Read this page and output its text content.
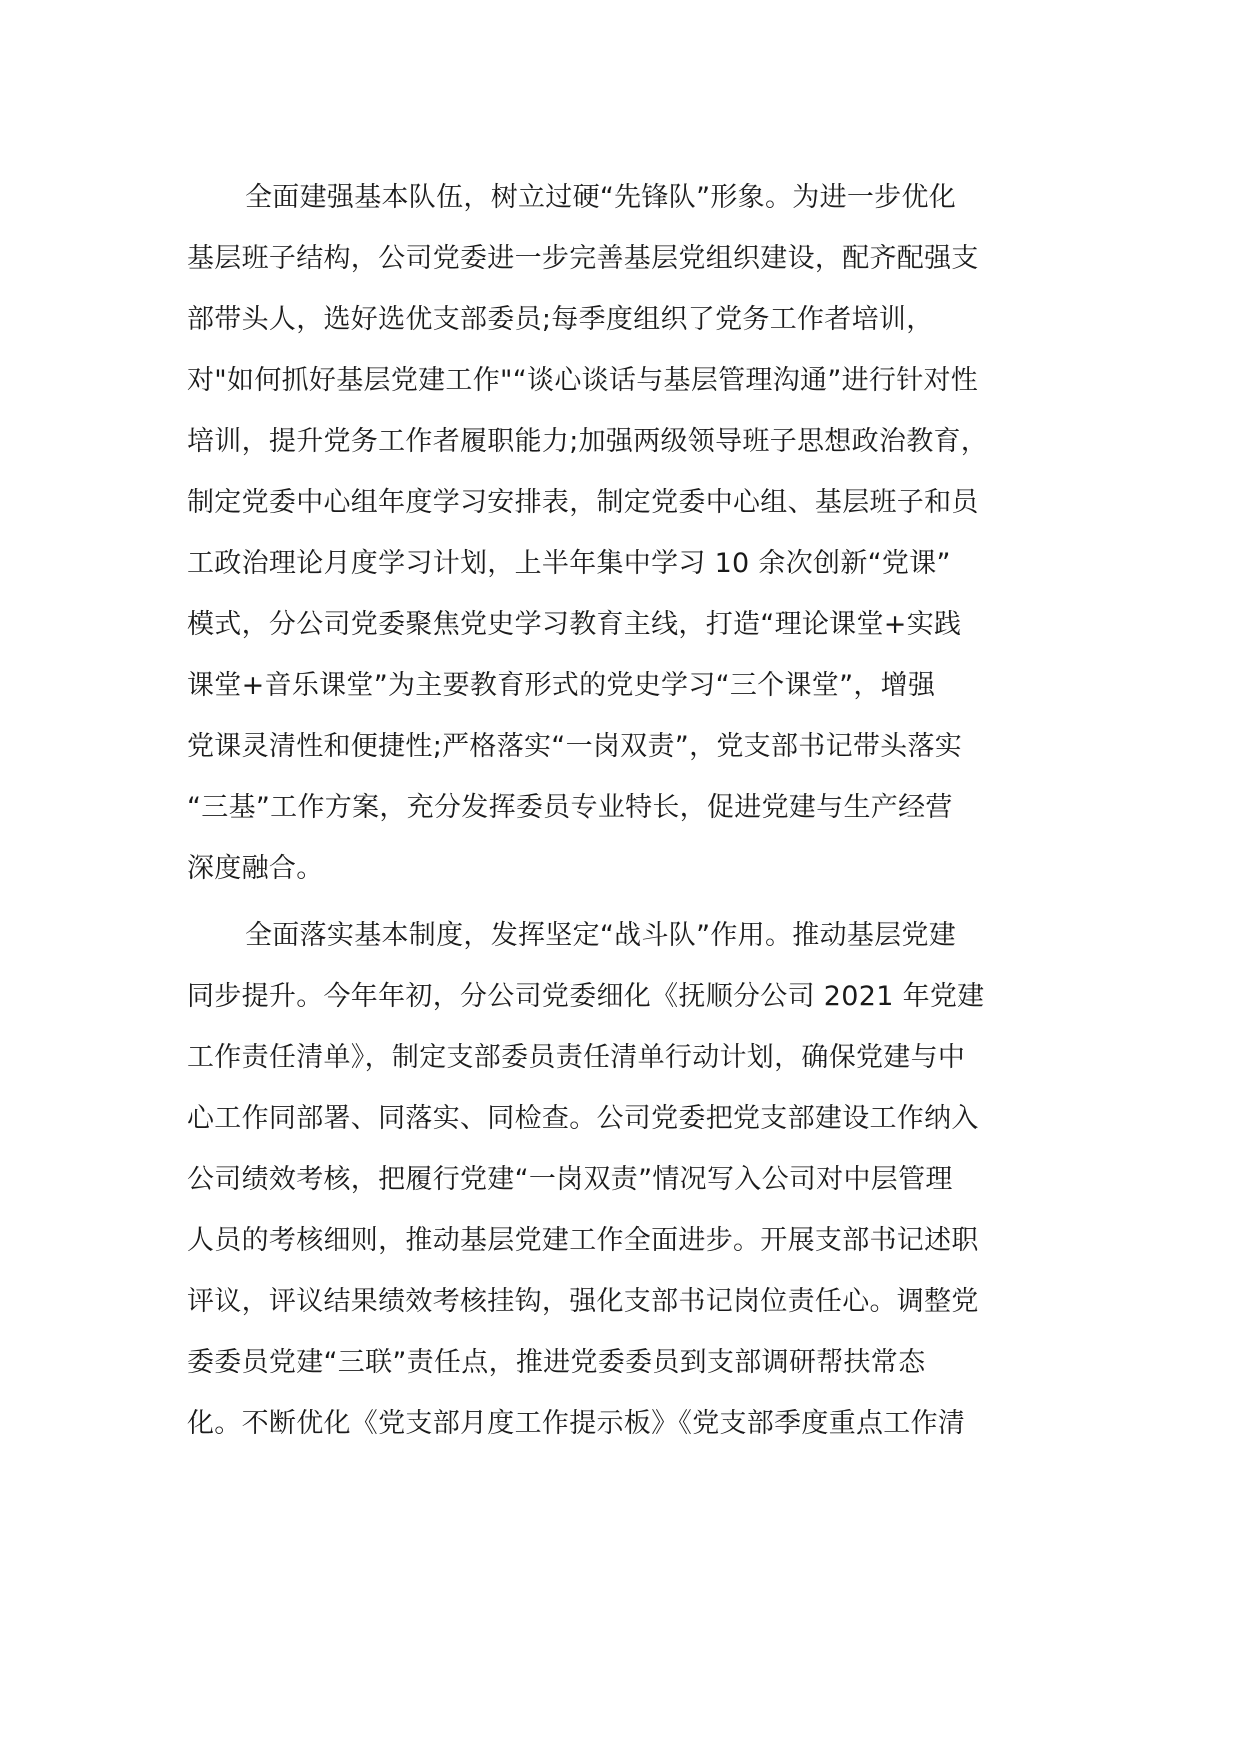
全面建强基本队伍，树立过硬“先锋队”形象。为进一步优化
基层班子结构，公司党委进一步完善基层党组织建设，配齐配强支
部带头人，选好选优支部委员;每季度组织了党务工作者培训，
对"如何抓好基层党建工作"“谈心谈话与基层管理沟通”进行针对性
培训，提升党务工作者履职能力;加强两级领导班子思想政治教育，
制定党委中心组年度学习安排表，制定党委中心组、基层班子和员
工政治理论月度学习计划，上半年集中学习 10 余次创新“党课”
模式，分公司党委聚焦党史学习教育主线，打造“理论课堂+实践
课堂+音乐课堂”为主要教育形式的党史学习“三个课堂”，增强
党课灵清性和便捷性;严格落实“一岗双责”，党支部书记带头落实
“三基”工作方案，充分发挥委员专业特长，促进党建与生产经营
深度融合。
全面落实基本制度，发挥坚定“战斗队”作用。推动基层党建
同步提升。今年年初，分公司党委细化《抚顺分公司 2021 年党建
工作责任清单》，制定支部委员责任清单行动计划，确保党建与中
心工作同部署、同落实、同检查。公司党委把党支部建设工作纳入
公司绩效考核，把履行党建“一岗双责”情况写入公司对中层管理
人员的考核细则，推动基层党建工作全面进步。开展支部书记述职
评议，评议结果绩效考核挂钩，强化支部书记岗位责任心。调整党
委委员党建“三联”责任点，推进党委委员到支部调研帮扶常态
化。不断优化《党支部月度工作提示板》《党支部季度重点工作清
